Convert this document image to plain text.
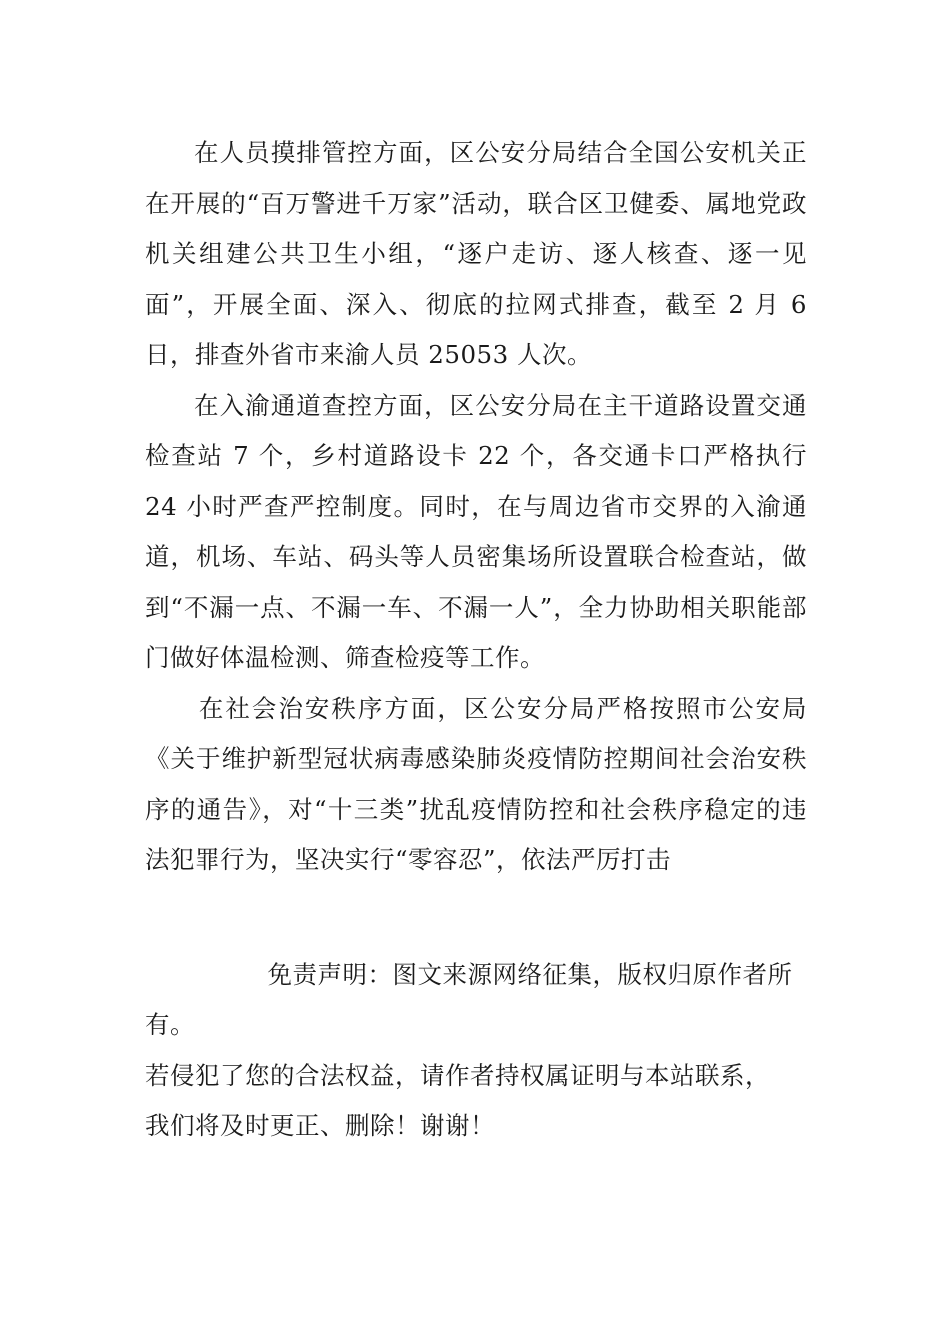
在人员摸排管控方面，区公安分局结合全国公安机关正在开展的“百万警进千万家”活动，联合区卫健委、属地党政机关组建公共卫生小组，“逐户走访、逐人核查、逐一见面”，开展全面、深入、彻底的拉网式排查，截至 2 月 6 日，排查外省市来渝人员 25053 人次。

在入渝通道查控方面，区公安分局在主干道路设置交通检查站 7 个，乡村道路设卡 22 个，各交通卡口严格执行 24 小时严查严控制度。同时，在与周边省市交界的入渝通道，机场、车站、码头等人员密集场所设置联合检查站，做到“不漏一点、不漏一车、不漏一人”，全力协助相关职能部门做好体温检测、筛查检疫等工作。

在社会治安秩序方面，区公安分局严格按照市公安局《关于维护新型冠状病毒感染肺炎疫情防控期间社会治安秩序的通告》，对“十三类”扰乱疫情防控和社会秩序稳定的违法犯罪行为，坚决实行“零容忍”，依法严厉打击

免责声明：图文来源网络征集，版权归原作者所有。

若侵犯了您的合法权益，请作者持权属证明与本站联系，

我们将及时更正、删除！谢谢！
